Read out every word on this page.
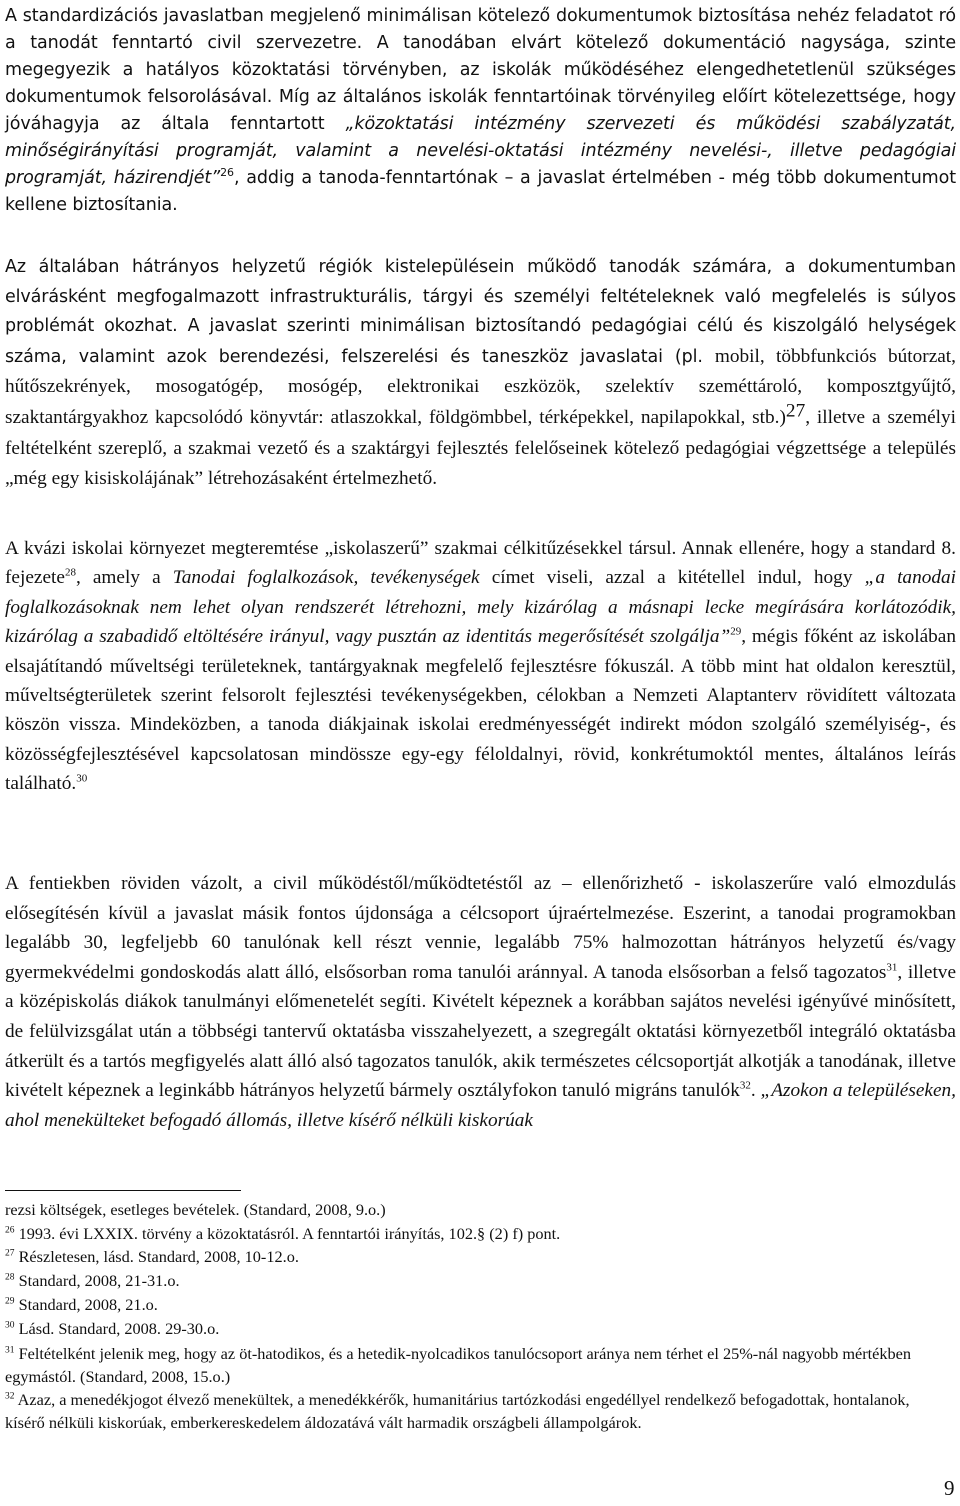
A standardizációs javaslatban megjelenő minimálisan kötelező dokumentumok biztosítása nehéz feladatot ró a tanodát fenntartó civil szervezetre. A tanodában elvárt kötelező dokumentáció nagysága, szinte megegyezik a hatályos közoktatási törvényben, az iskolák működéséhez elengedhetetlenül szükséges dokumentumok felsorolásával. Míg az általános iskolák fenntartóinak törvényileg előírt kötelezettsége, hogy jóváhagyja az általa fenntartott „közoktatási intézmény szervezeti és működési szabályzatát, minőségirányítási programját, valamint a nevelési-oktatási intézmény nevelési-, illetve pedagógiai programját, házirendjét”$^{26}$, addig a tanoda-fenntartónak – a javaslat értelmében - még több dokumentumot kellene biztosítania.

Az általában hátrányos helyzetű régiók kistelepülésein működő tanodák számára, a dokumentumban elvárásként megfogalmazott infrastrukturális, tárgyi és személyi feltételeknek való megfelelés is súlyos problémát okozhat. A javaslat szerinti minimálisan biztosítandó pedagógiai célú és kiszolgáló helységek száma, valamint azok berendezési, felszerelési és taneszköz javaslatai (pl. mobil, többfunkciós bútorzat, hűtőszekrények, mosogatógép, mosógép, elektronikai eszközök, szelektív szeméttároló, komposztgyűjtő, szaktantárgyakhoz kapcsolódó könyvtár: atlaszokkal, földgömbbel, térképekkel, napilapokkal, stb.)$^{27}$, illetve a személyi feltételként szereplő, a szakmai vezető és a szaktárgyi fejlesztés felelőseinek kötelező pedagógiai végzettsége a település „még egy kisiskolájának” létrehozásaként értelmezhető.

A kvázi iskolai környezet megteremtése „iskolaszerű” szakmai célkitűzésekkel társul. Annak ellenére, hogy a standard 8. fejezete$^{28}$, amely a Tanodai foglalkozások, tevékenységek címet viseli, azzal a kitétellel indul, hogy „a tanodai foglalkozásoknak nem lehet olyan rendszerét létrehozni, mely kizárólag a másnapi lecke megírására korlátozódik, kizárólag a szabadidő eltöltésére irányul, vagy pusztán az identitás megerősítését szolgálja”$^{29}$, mégis főként az iskolában elsajátítandó műveltségi területeknek, tantárgyaknak megfelelő fejlesztésre fókuszál. A több mint hat oldalon keresztül, műveltségterületek szerint felsorolt fejlesztési tevékenységekben, célokban a Nemzeti Alaptanterv rövidített változata köszön vissza. Mindeközben, a tanoda diákjainak iskolai eredményességét indirekt módon szolgáló személyiség-, és közösségfejlesztésével kapcsolatosan mindössze egy-egy féloldalnyi, rövid, konkrétumoktól mentes, általános leírás található.$^{30}$

A fentiekben röviden vázolt, a civil működéstől/működtetéstől az – ellenőrizhető - iskolaszerűre való elmozdulás elősegítésén kívül a javaslat másik fontos újdonsága a célcsoport újraértelmezése. Eszerint, a tanodai programokban legalább 30, legfeljebb 60 tanulónak kell részt vennie, legalább 75% halmozottan hátrányos helyzetű és/vagy gyermekvédelmi gondoskodás alatt álló, elsősorban roma tanulói aránnyal. A tanoda elsősorban a felső tagozatos$^{31}$, illetve a középiskolás diákok tanulmányi előmenetelét segíti. Kivételt képeznek a korábban sajátos nevelési igényűvé minősített, de felülvizsgálat után a többségi tantervű oktatásba visszahelyezett, a szegregált oktatási környezetből integráló oktatásba átkerült és a tartós megfigyelés alatt álló alsó tagozatos tanulók, akik természetes célcsoportját alkotják a tanodának, illetve kivételt képeznek a leginkább hátrányos helyzetű bármely osztályfokon tanuló migráns tanulók$^{32}$. „Azokon a településeken, ahol menekülteket befogadó állomás, illetve kísérő nélküli kiskorúak

rezsi költségek, esetleges bevételek. (Standard, 2008, 9.o.)

$^{26}$ 1993. évi LXXIX. törvény a közoktatásról. A fenntartói irányítás, 102.§ (2) f) pont.

$^{27}$ Részletesen, lásd. Standard, 2008, 10-12.o.

$^{28}$ Standard, 2008, 21-31.o.

$^{29}$ Standard, 2008, 21.o.

$^{30}$ Lásd. Standard, 2008. 29-30.o.

$^{31}$ Feltételként jelenik meg, hogy az öt-hatodikos, és a hetedik-nyolcadikos tanulócsoport aránya nem térhet el 25%-nál nagyobb mértékben egymástól. (Standard, 2008, 15.o.)

$^{32}$ Azaz, a menedékjogot élvező menekültek, a menedékkérők, humanitárius tartózkodási engedéllyel rendelkező befogadottak, hontalanok, kísérő nélküli kiskorúak, emberkereskedelem áldozatává vált harmadik országbeli állampolgárok.

9
